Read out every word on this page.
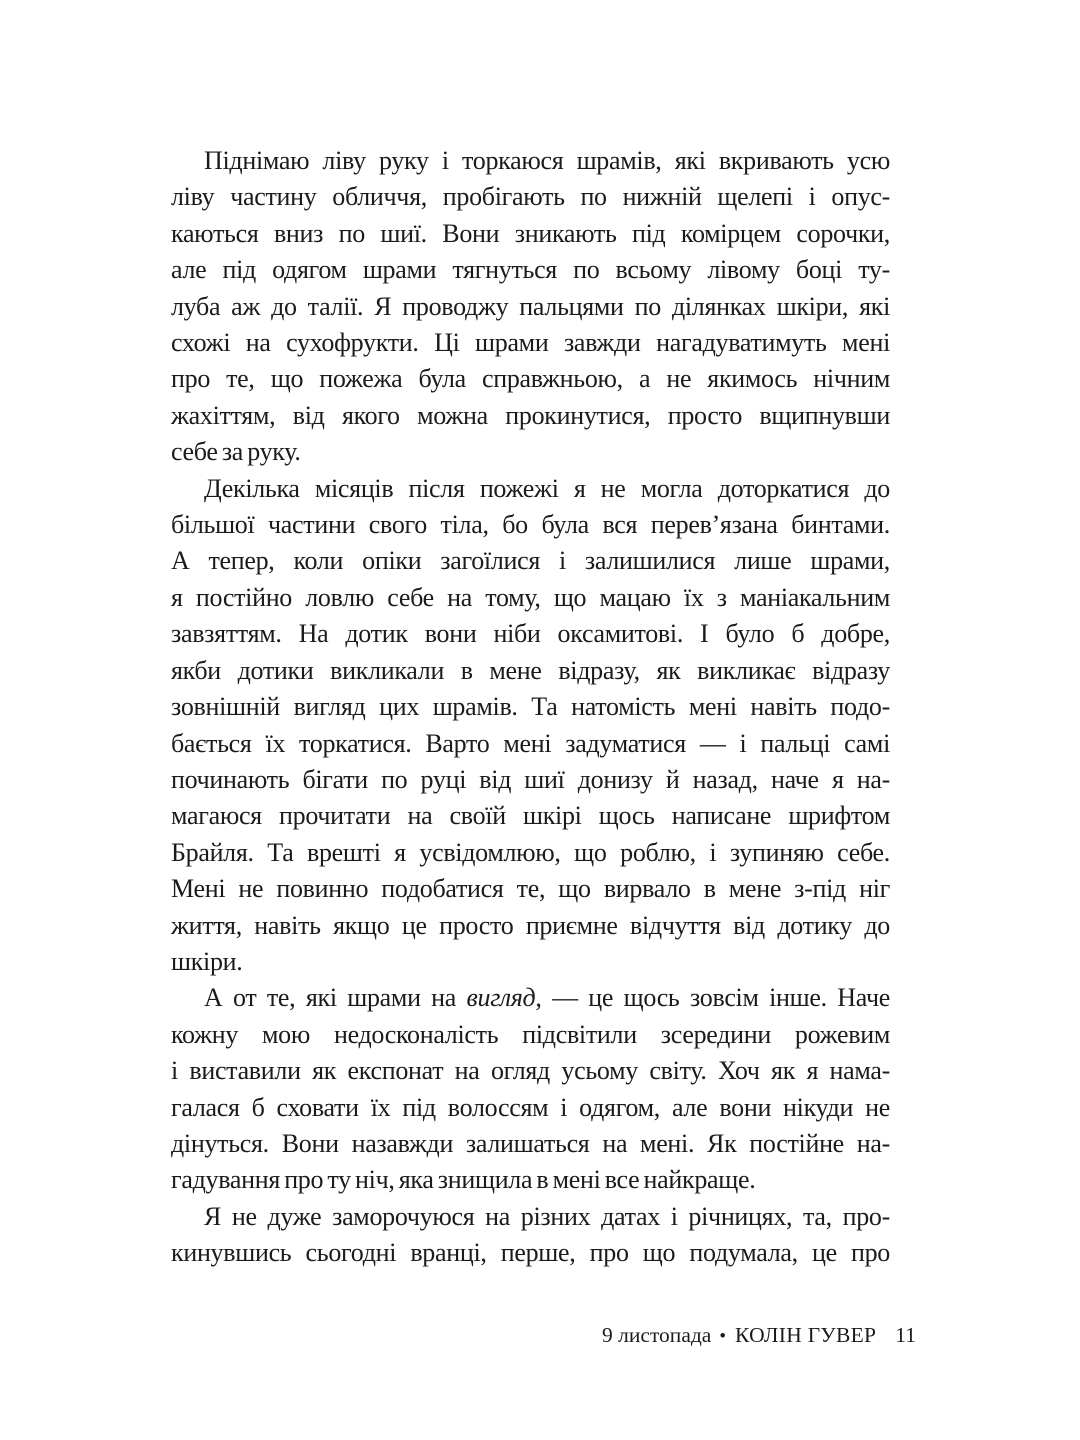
Піднімаю ліву руку і торкаюся шрамів, які вкривають усю
ліву частину обличчя, пробігають по нижній щелепі і опус-
каються вниз по шиї. Вони зникають під комірцем сорочки,
але під одягом шрами тягнуться по всьому лівому боці ту-
луба аж до талії. Я проводжу пальцями по ділянках шкіри, які
схожі на сухофрукти. Ці шрами завжди нагадуватимуть мені
про те, що пожежа була справжньою, а не якимось нічним
жахіттям, від якого можна прокинутися, просто вщипнувши
себе за руку.
Декілька місяців після пожежі я не могла доторкатися до
більшої частини свого тіла, бо була вся перев’язана бинтами.
А тепер, коли опіки загоїлися і залишилися лише шрами,
я постійно ловлю себе на тому, що мацаю їх з маніакальним
завзяттям. На дотик вони ніби оксамитові. І було б добре,
якби дотики викликали в мене відразу, як викликає відразу
зовнішній вигляд цих шрамів. Та натомість мені навіть подо-
бається їх торкатися. Варто мені задуматися — і пальці самі
починають бігати по руці від шиї донизу й назад, наче я на-
магаюся прочитати на своїй шкірі щось написане шрифтом
Брайля. Та врешті я усвідомлюю, що роблю, і зупиняю себе.
Мені не повинно подобатися те, що вирвало в мене з-під ніг
життя, навіть якщо це просто приємне відчуття від дотику до
шкіри.
А от те, які шрами на вигляд, — це щось зовсім інше. Наче
кожну мою недосконалість підсвітили зсередини рожевим
і виставили як експонат на огляд усьому світу. Хоч як я нама-
галася б сховати їх під волоссям і одягом, але вони нікуди не
дінуться. Вони назавжди залишаться на мені. Як постійне на-
гадування про ту ніч, яка знищила в мені все найкраще.
Я не дуже заморочуюся на різних датах і річницях, та, про-
кинувшись сьогодні вранці, перше, про що подумала, це про
9 листопада • КОЛІН ГУВЕР 11
